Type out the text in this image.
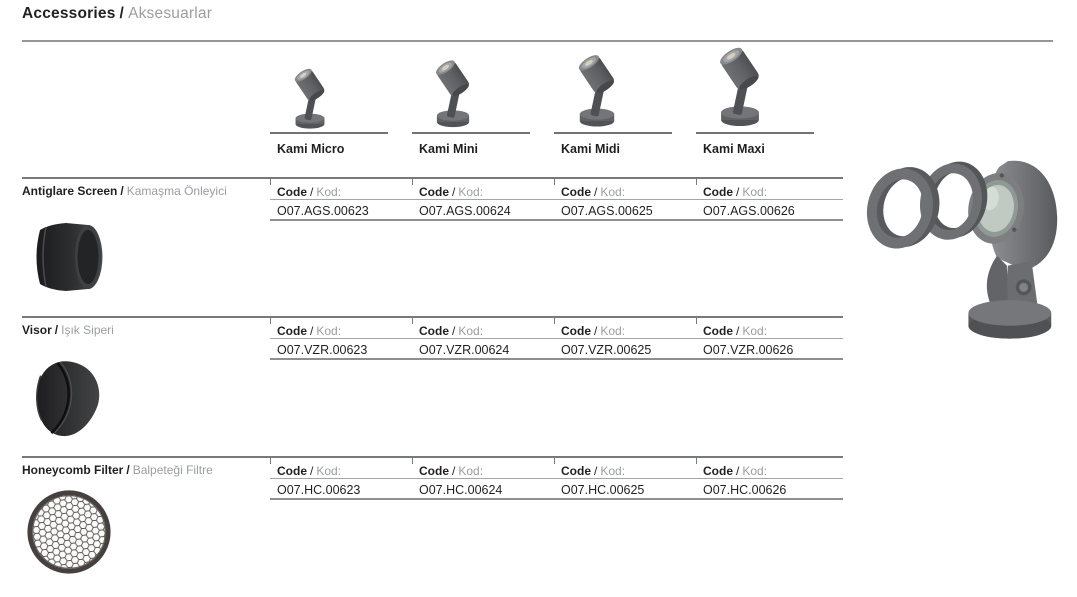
Accessories / Aksesuarlar
Kami Micro	Kami Mini	Kami Midi	Kami Maxi
Antiglare Screen / Kamaşma Önleyici	Code / Kod:	Code / Kod:	Code / Kod:	Code / Kod:
O07.AGS.00623	O07.AGS.00624	O07.AGS.00625	O07.AGS.00626
Visor / Işık Siperi	Code / Kod:	Code / Kod:	Code / Kod:	Code / Kod:
O07.VZR.00623	O07.VZR.00624	O07.VZR.00625	O07.VZR.00626
Honeycomb Filter / Balpeteği Filtre	Code / Kod:	Code / Kod:	Code / Kod:	Code / Kod:
O07.HC.00623	O07.HC.00624	O07.HC.00625	O07.HC.00626
